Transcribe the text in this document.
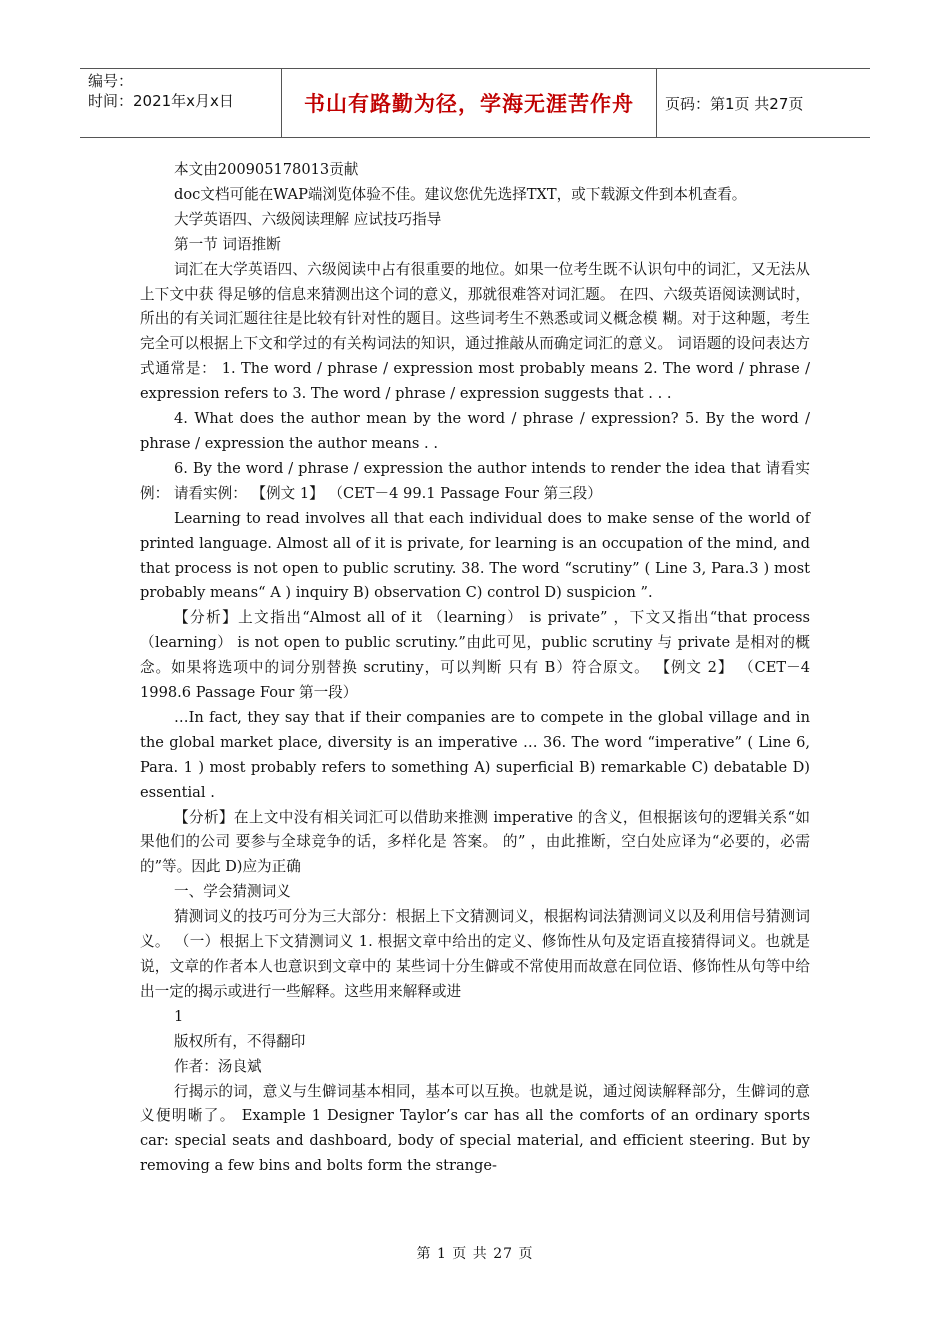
编号：
时间：2021年x月x日	书山有路勤为径，学海无涯苦作舟 页码：第1页 共27页

本文由200905178013贡献

doc文档可能在WAP端浏览体验不佳。建议您优先选择TXT，或下载源文件到本机查看。

大学英语四、六级阅读理解 应试技巧指导

第一节 词语推断

词汇在大学英语四、六级阅读中占有很重要的地位。如果一位考生既不认识句中的词汇，又无法从上下文中获 得足够的信息来猜测出这个词的意义，那就很难答对词汇题。 在四、六级英语阅读测试时，所出的有关词汇题往往是比较有针对性的题目。这些词考生不熟悉或词义概念模 糊。对于这种题，考生完全可以根据上下文和学过的有关构词法的知识，通过推敲从而确定词汇的意义。 词语题的设问表达方式通常是： 1. The word / phrase / expression most probably means 2. The word / phrase / expression refers to 3. The word / phrase / expression suggests that . . .

4. What does the author mean by the word / phrase / expression? 5. By the word / phrase / expression the author means . .

6. By the word / phrase / expression the author intends to render the idea that 请看实例： 请看实例： 【例文 1】 （CET－4 99.1 Passage Four 第三段）

Learning to read involves all that each individual does to make sense of the world of printed language. Almost all of it is private, for learning is an occupation of the mind, and that process is not open to public scrutiny. 38. The word “scrutiny” ( Line 3, Para.3 ) most probably means“ A ) inquiry B) observation C) control D) suspicion ”.

【分析】上文指出“Almost all of it （learning） is private” ，下文又指出“that process （learning） is not open to public scrutiny.”由此可见，public scrutiny 与 private 是相对的概念。如果将选项中的词分别替换 scrutiny，可以判断 只有 B）符合原文。 【例文 2】 （CET－4 1998.6 Passage Four 第一段）

…In fact, they say that if their companies are to compete in the global village and in the global market place, diversity is an imperative … 36. The word “imperative” ( Line 6, Para. 1 ) most probably refers to something A) superficial B) remarkable C) debatable D) essential .

【分析】在上文中没有相关词汇可以借助来推测 imperative 的含义，但根据该句的逻辑关系“如果他们的公司 要参与全球竞争的话，多样化是 答案。 的” ，由此推断，空白处应译为“必要的，必需的”等。因此 D)应为正确

一、学会猜测词义

猜测词义的技巧可分为三大部分：根据上下文猜测词义，根据构词法猜测词义以及利用信号猜测词义。 （一）根据上下文猜测词义 1. 根据文章中给出的定义、修饰性从句及定语直接猜得词义。也就是说，文章的作者本人也意识到文章中的 某些词十分生僻或不常使用而故意在同位语、修饰性从句等中给出一定的揭示或进行一些解释。这些用来解释或进

1

版权所有，不得翻印

作者：汤良斌

行揭示的词，意义与生僻词基本相同，基本可以互换。也就是说，通过阅读解释部分，生僻词的意义便明晰了。 Example 1 Designer Taylor’s car has all the comforts of an ordinary sports car: special seats and dashboard, body of special material, and efficient steering. But by removing a few bins and bolts form the strange-

第 1 页 共 27 页
